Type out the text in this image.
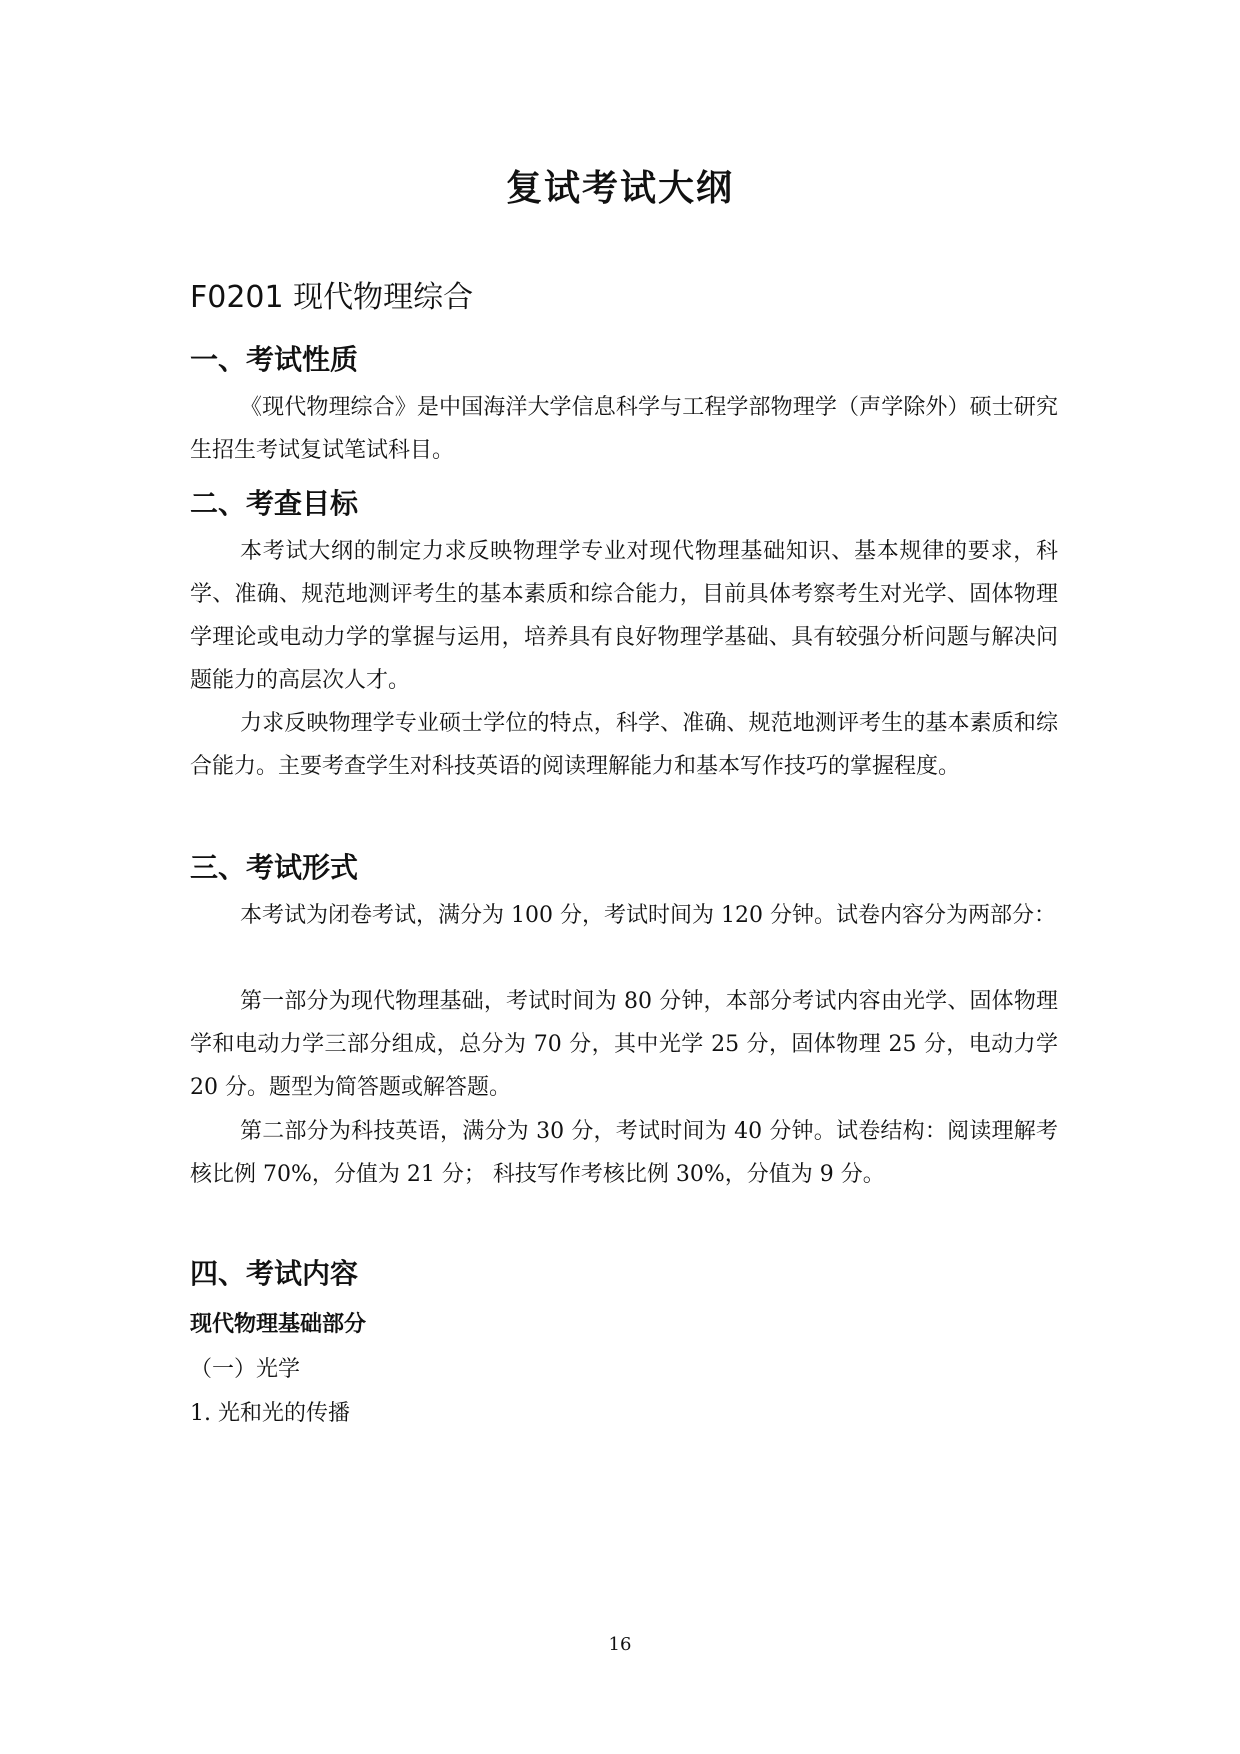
复试考试大纲
F0201 现代物理综合
一、考试性质
《现代物理综合》是中国海洋大学信息科学与工程学部物理学（声学除外）硕士研究生招生考试复试笔试科目。
二、考查目标
本考试大纲的制定力求反映物理学专业对现代物理基础知识、基本规律的要求，科学、准确、规范地测评考生的基本素质和综合能力，目前具体考察考生对光学、固体物理学理论或电动力学的掌握与运用，培养具有良好物理学基础、具有较强分析问题与解决问题能力的高层次人才。
力求反映物理学专业硕士学位的特点，科学、准确、规范地测评考生的基本素质和综合能力。主要考查学生对科技英语的阅读理解能力和基本写作技巧的掌握程度。
三、考试形式
本考试为闭卷考试，满分为 100 分，考试时间为 120 分钟。试卷内容分为两部分：
第一部分为现代物理基础，考试时间为 80 分钟，本部分考试内容由光学、固体物理学和电动力学三部分组成，总分为 70 分，其中光学 25 分，固体物理 25 分，电动力学 20 分。题型为简答题或解答题。
第二部分为科技英语，满分为 30 分，考试时间为 40 分钟。试卷结构：阅读理解考核比例 70%，分值为 21 分； 科技写作考核比例 30%，分值为 9 分。
四、考试内容
现代物理基础部分
（一）光学
1. 光和光的传播
16
